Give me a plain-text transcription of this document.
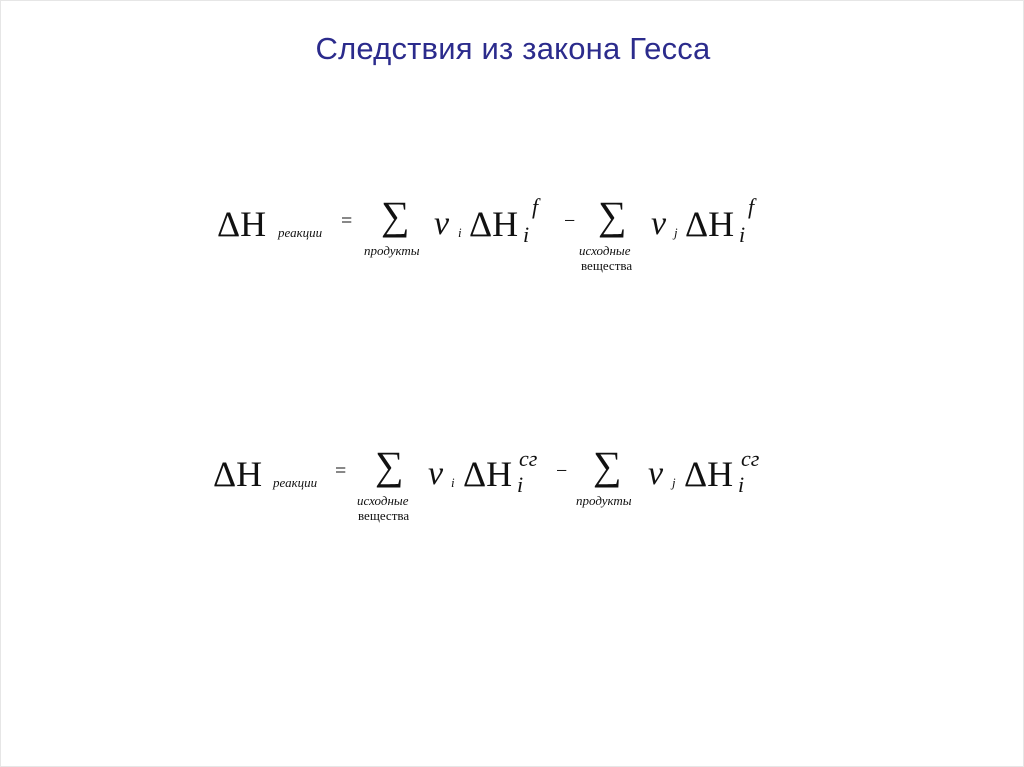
Следствия из закона Гесса
ΔH реакции
= ∑
продукты
ν i ΔH f
i
− ∑
исходные
вещества
ν j ΔH f
i
ΔH реакции
= ∑
исходные
вещества
ν i ΔH сг
i
− ∑
продукты
ν j ΔH сг
i
